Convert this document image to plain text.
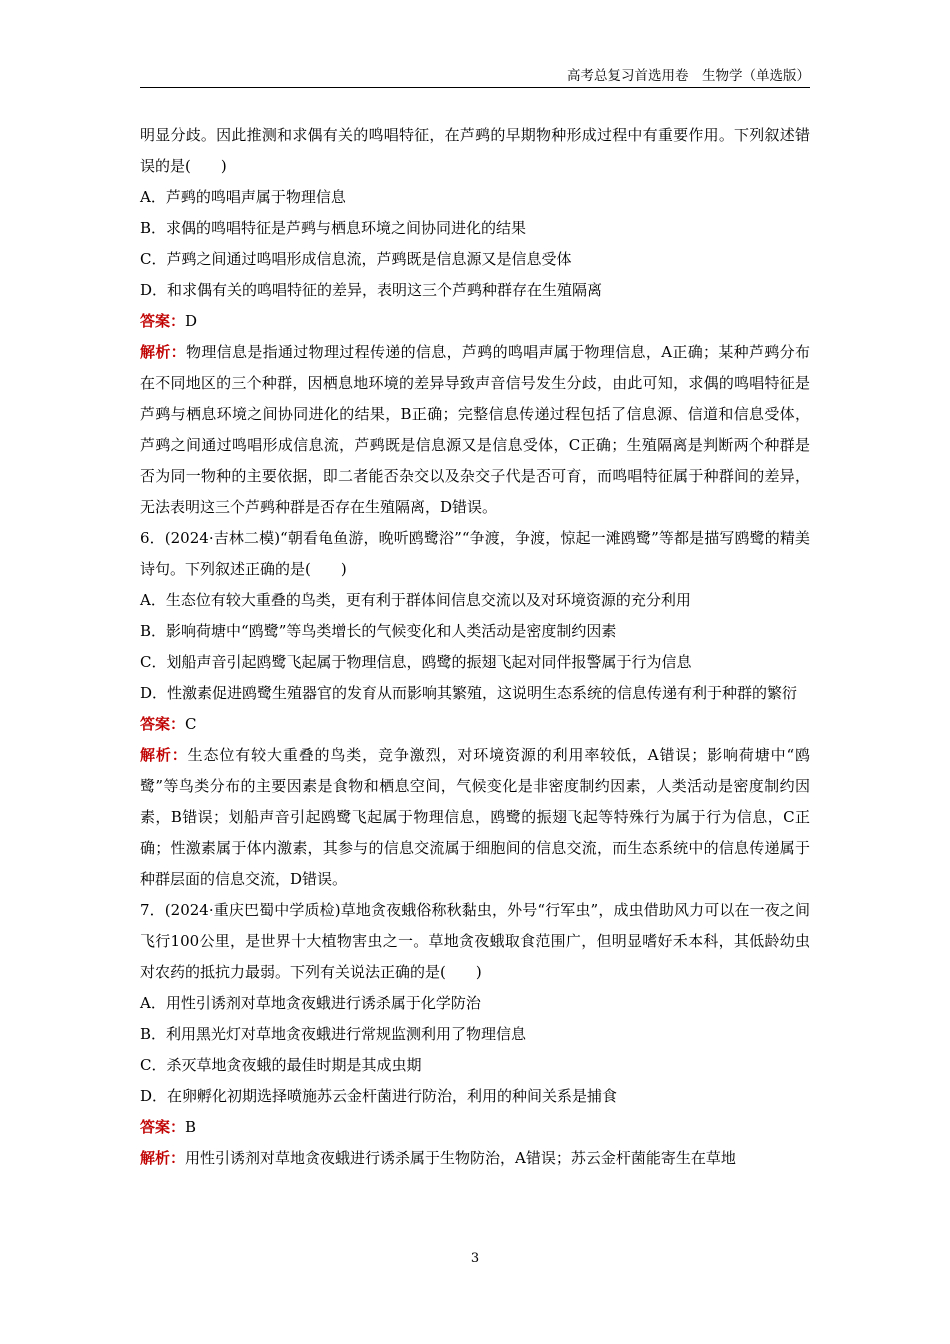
高考总复习首选用卷　生物学（单选版）

明显分歧。因此推测和求偶有关的鸣唱特征，在芦鹀的早期物种形成过程中有重要作用。下列叙述错误的是(　　)

A．芦鹀的鸣唱声属于物理信息

B．求偶的鸣唱特征是芦鹀与栖息环境之间协同进化的结果

C．芦鹀之间通过鸣唱形成信息流，芦鹀既是信息源又是信息受体

D．和求偶有关的鸣唱特征的差异，表明这三个芦鹀种群存在生殖隔离

答案：D

解析：物理信息是指通过物理过程传递的信息，芦鹀的鸣唱声属于物理信息，A正确；某种芦鹀分布在不同地区的三个种群，因栖息地环境的差异导致声音信号发生分歧，由此可知，求偶的鸣唱特征是芦鹀与栖息环境之间协同进化的结果，B正确；完整信息传递过程包括了信息源、信道和信息受体，芦鹀之间通过鸣唱形成信息流，芦鹀既是信息源又是信息受体，C正确；生殖隔离是判断两个种群是否为同一物种的主要依据，即二者能否杂交以及杂交子代是否可育，而鸣唱特征属于种群间的差异，无法表明这三个芦鹀种群是否存在生殖隔离，D错误。

6．(2024·吉林二模)“朝看龟鱼游，晚听鸥鹭浴”“争渡，争渡，惊起一滩鸥鹭”等都是描写鸥鹭的精美诗句。下列叙述正确的是(　　)

A．生态位有较大重叠的鸟类，更有利于群体间信息交流以及对环境资源的充分利用

B．影响荷塘中“鸥鹭”等鸟类增长的气候变化和人类活动是密度制约因素

C．划船声音引起鸥鹭飞起属于物理信息，鸥鹭的振翅飞起对同伴报警属于行为信息

D．性激素促进鸥鹭生殖器官的发育从而影响其繁殖，这说明生态系统的信息传递有利于种群的繁衍

答案：C

解析：生态位有较大重叠的鸟类，竞争激烈，对环境资源的利用率较低，A错误；影响荷塘中“鸥鹭”等鸟类分布的主要因素是食物和栖息空间，气候变化是非密度制约因素，人类活动是密度制约因素，B错误；划船声音引起鸥鹭飞起属于物理信息，鸥鹭的振翅飞起等特殊行为属于行为信息，C正确；性激素属于体内激素，其参与的信息交流属于细胞间的信息交流，而生态系统中的信息传递属于种群层面的信息交流，D错误。

7．(2024·重庆巴蜀中学质检)草地贪夜蛾俗称秋黏虫，外号“行军虫”，成虫借助风力可以在一夜之间飞行100公里，是世界十大植物害虫之一。草地贪夜蛾取食范围广，但明显嗜好禾本科，其低龄幼虫对农药的抵抗力最弱。下列有关说法正确的是(　　)

A．用性引诱剂对草地贪夜蛾进行诱杀属于化学防治

B．利用黑光灯对草地贪夜蛾进行常规监测利用了物理信息

C．杀灭草地贪夜蛾的最佳时期是其成虫期

D．在卵孵化初期选择喷施苏云金杆菌进行防治，利用的种间关系是捕食

答案：B

解析：用性引诱剂对草地贪夜蛾进行诱杀属于生物防治，A错误；苏云金杆菌能寄生在草地

3
